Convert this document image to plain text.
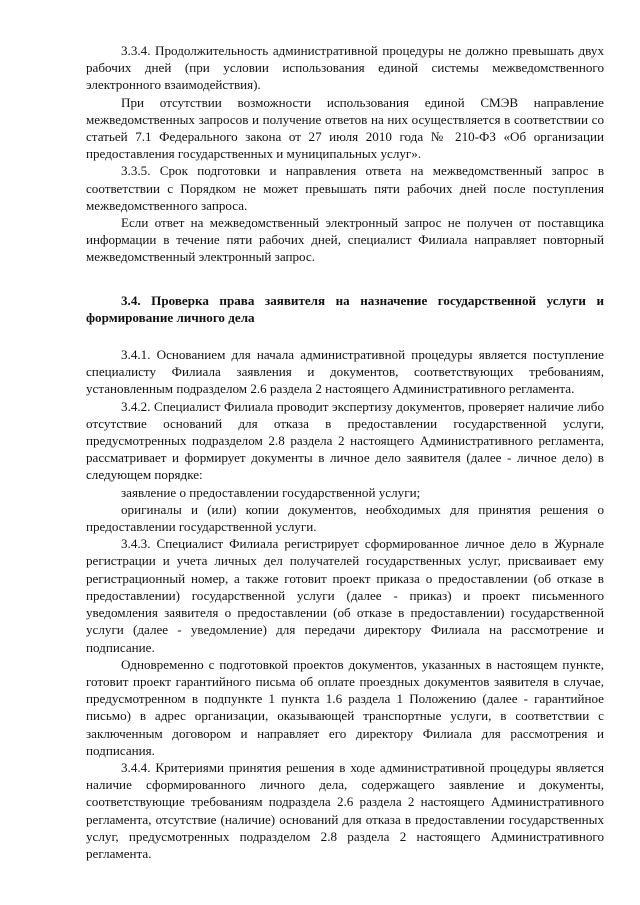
3.3.4. Продолжительность административной процедуры не должно превышать двух рабочих дней (при условии использования единой системы межведомственного электронного взаимодействия).

При отсутствии возможности использования единой СМЭВ направление межведомственных запросов и получение ответов на них осуществляется в соответствии со статьей 7.1 Федерального закона от 27 июля 2010 года № 210-ФЗ «Об организации предоставления государственных и муниципальных услуг».

3.3.5. Срок подготовки и направления ответа на межведомственный запрос в соответствии с Порядком не может превышать пяти рабочих дней после поступления межведомственного запроса.

Если ответ на межведомственный электронный запрос не получен от поставщика информации в течение пяти рабочих дней, специалист Филиала направляет повторный межведомственный электронный запрос.

3.4. Проверка права заявителя на назначение государственной услуги и формирование личного дела

3.4.1. Основанием для начала административной процедуры является поступление специалисту Филиала заявления и документов, соответствующих требованиям, установленным подразделом 2.6 раздела 2 настоящего Административного регламента.

3.4.2. Специалист Филиала проводит экспертизу документов, проверяет наличие либо отсутствие оснований для отказа в предоставлении государственной услуги, предусмотренных подразделом 2.8 раздела 2 настоящего Административного регламента, рассматривает и формирует документы в личное дело заявителя (далее - личное дело) в следующем порядке:

заявление о предоставлении государственной услуги;

оригиналы и (или) копии документов, необходимых для принятия решения о предоставлении государственной услуги.

3.4.3. Специалист Филиала регистрирует сформированное личное дело в Журнале регистрации и учета личных дел получателей государственных услуг, присваивает ему регистрационный номер, а также готовит проект приказа о предоставлении (об отказе в предоставлении) государственной услуги (далее - приказ) и проект письменного уведомления заявителя о предоставлении (об отказе в предоставлении) государственной услуги (далее - уведомление) для передачи директору Филиала на рассмотрение и подписание.

Одновременно с подготовкой проектов документов, указанных в настоящем пункте, готовит проект гарантийного письма об оплате проездных документов заявителя в случае, предусмотренном в подпункте 1 пункта 1.6 раздела 1 Положению (далее - гарантийное письмо) в адрес организации, оказывающей транспортные услуги, в соответствии с заключенным договором и направляет его директору Филиала для рассмотрения и подписания.

3.4.4. Критериями принятия решения в ходе административной процедуры является наличие сформированного личного дела, содержащего заявление и документы, соответствующие требованиям подраздела 2.6 раздела 2 настоящего Административного регламента, отсутствие (наличие) оснований для отказа в предоставлении государственных услуг, предусмотренных подразделом 2.8 раздела 2 настоящего Административного регламента.
